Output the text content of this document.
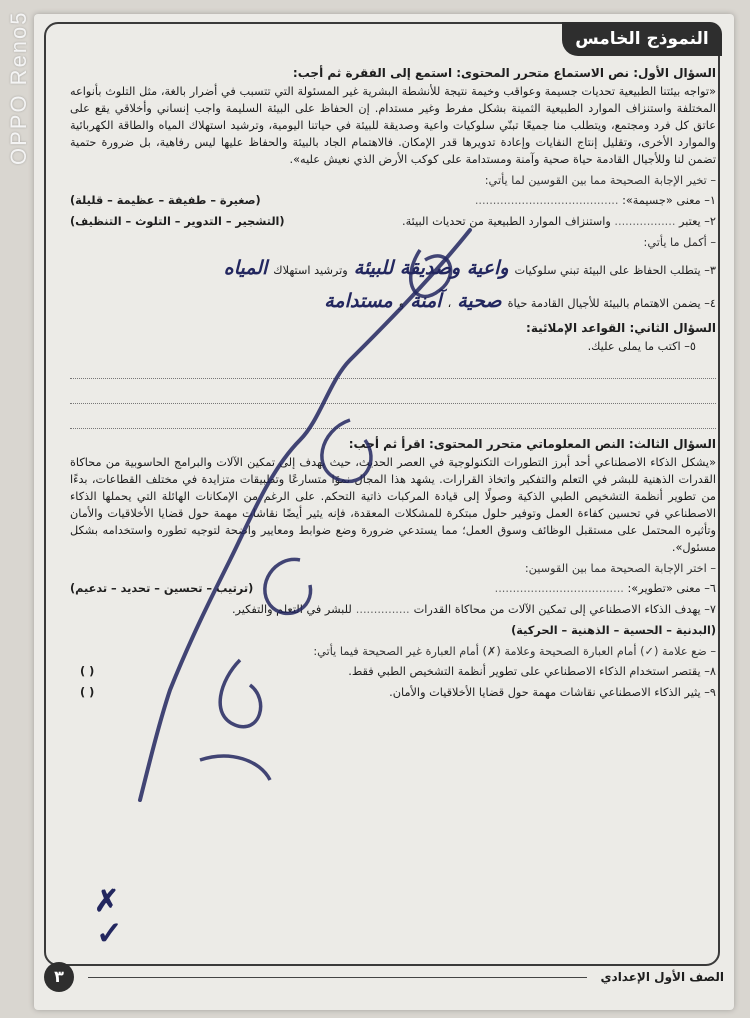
OPPO Reno5	النموذج الخامس
السؤال الأول: نص الاستماع متحرر المحتوى: استمع إلى الفقرة ثم أجب:
«تواجه بيئتنا الطبيعية تحديات جسيمة وعواقب وخيمة نتيجة للأنشطة البشرية غير المسئولة التي تتسبب في أضرار بالغة، مثل التلوث بأنواعه المختلفة واستنزاف الموارد الطبيعية الثمينة بشكل مفرط وغير مستدام. إن الحفاظ على البيئة السليمة واجب إنساني وأخلاقي يقع على عاتق كل فرد ومجتمع، ويتطلب منا جميعًا تبنّي سلوكيات واعية وصديقة للبيئة في حياتنا اليومية، وترشيد استهلاك المياه والطاقة الكهربائية والموارد الأخرى، وتقليل إنتاج النفايات وإعادة تدويرها قدر الإمكان. فالاهتمام الجاد بالبيئة والحفاظ عليها ليس رفاهية، بل ضرورة حتمية تضمن لنا وللأجيال القادمة حياة صحية وآمنة ومستدامة على كوكب الأرض الذي نعيش عليه».
– تخير الإجابة الصحيحة مما بين القوسين لما يأتي:
١– معنى «جسيمة»: ........................................
(صغيرة – طفيفة – عظيمة – قليلة)
٢– يعتبر ................. واستنزاف الموارد الطبيعية من تحديات البيئة.
(التشجير – التدوير – التلوث – التنظيف)
– أكمل ما يأتي:
٣– يتطلب الحفاظ على البيئة تبني سلوكيات
واعية وصديقة للبيئة
وترشيد استهلاك
المياه
٤– يضمن الاهتمام بالبيئة للأجيال القادمة حياة
صحية
،
آمنة
و
مستدامة
السؤال الثاني: القواعد الإملائية:
٥– اكتب ما يملى عليك.
السؤال الثالث: النص المعلوماتي متحرر المحتوى: اقرأ ثم أجب:
«يشكل الذكاء الاصطناعي أحد أبرز التطورات التكنولوجية في العصر الحديث، حيث يهدف إلى تمكين الآلات والبرامج الحاسوبية من محاكاة القدرات الذهنية للبشر في التعلم والتفكير واتخاذ القرارات. يشهد هذا المجال نموًا متسارعًا وتطبيقات متزايدة في مختلف القطاعات، بدءًا من تطوير أنظمة التشخيص الطبي الذكية وصولًا إلى قيادة المركبات ذاتية التحكم. على الرغم من الإمكانات الهائلة التي يحملها الذكاء الاصطناعي في تحسين كفاءة العمل وتوفير حلول مبتكرة للمشكلات المعقدة، فإنه يثير أيضًا نقاشات مهمة حول قضايا الأخلاقيات والأمان وتأثيره المحتمل على مستقبل الوظائف وسوق العمل؛ مما يستدعي ضرورة وضع ضوابط ومعايير واضحة لتوجيه تطوره واستخدامه بشكل مسئول».
– اختر الإجابة الصحيحة مما بين القوسين:
٦– معنى «تطوير»: ....................................
(ترتيب – تحسين – تحديد – تدعيم)
٧– يهدف الذكاء الاصطناعي إلى تمكين الآلات من محاكاة القدرات
...............
للبشر في التعلم والتفكير.
(البدنية – الحسية – الذهنية – الحركية)
– ضع علامة (✓) أمام العبارة الصحيحة وعلامة (✗) أمام العبارة غير الصحيحة فيما يأتي:
٨– يقتصر استخدام الذكاء الاصطناعي على تطوير أنظمة التشخيص الطبي فقط.
( )
٩– يثير الذكاء الاصطناعي نقاشات مهمة حول قضايا الأخلاقيات والأمان.
( )
✗
✓
الصف الأول الإعدادي
٣
